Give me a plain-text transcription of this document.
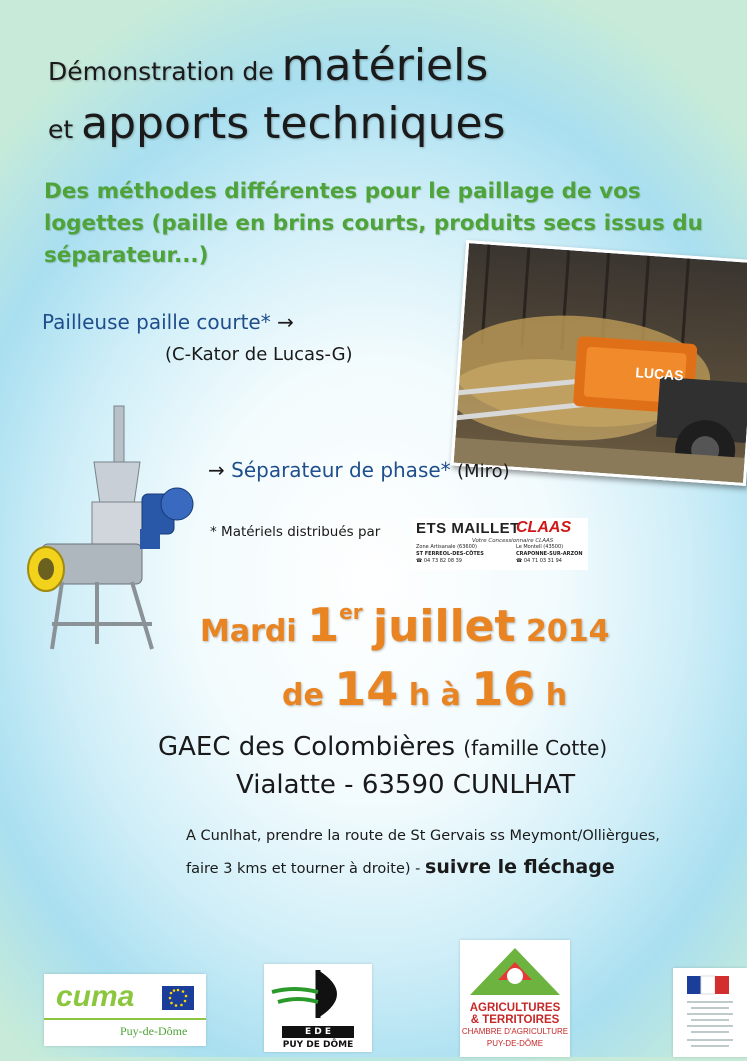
Démonstration de matériels
et apports techniques
Des méthodes différentes pour le paillage de vos logettes (paille en brins courts, produits secs issus du séparateur...)
LUCAS
Pailleuse paille courte* →
(C-Kator de Lucas-G)
→ Séparateur de phase* (Miro)
* Matériels distribués par ETS MAILLET
CLAAS
Votre Concessionnaire CLAAS
Zone Artisanale (63600)
ST FERREOL-DES-CÔTES
☎ 04 73 82 08 39
Le Montell (43500)
CRAPONNE-SUR-ARZON
☎ 04 71 03 31 94
Mardi 1er juillet 2014
de 14 h à 16 h
GAEC des Colombières (famille Cotte)
Vialatte - 63590 CUNLHAT
A Cunlhat, prendre la route de St Gervais ss Meymont/Ollièrgues,
faire 3 kms et tourner à droite) - suivre le fléchage
cuma
Puy-de-Dôme	E D E
PUY DE DÔME
AGRICULTURES
& TERRITOIRES
CHAMBRE D'AGRICULTURE
PUY-DE-DÔME
